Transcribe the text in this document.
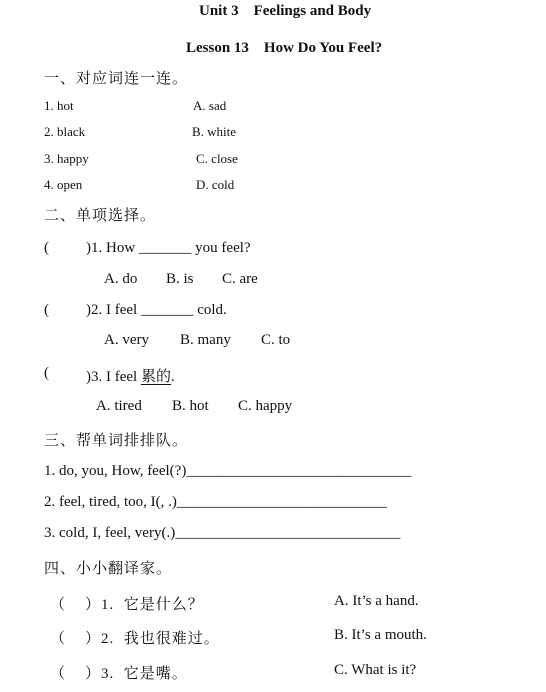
Unit 3    Feelings and Body
Lesson 13    How Do You Feel?
一、对应词连一连。
1. hot
2. black
3. happy
4. open
A. sad
B. white
C. close
D. cold
二、单项选择。
( )1. How _______ you feel?
A. do B. is C. are
( )2. I feel _______ cold.
A. very B. many C. to
( )3. I feel 累的.
A. tired B. hot C. happy
三、帮单词排排队。
1. do, you, How, feel(?)______________________________
2. feel, tired, too, I(, .)____________________________
3. cold, I, feel, very(.)______________________________
四、小小翻译家。
（    ）1.  它是什么？
（    ）2.  我也很难过。
（    ）3.  它是嘴。
A. It’s a hand.
B. It’s a mouth.
C. What is it?
